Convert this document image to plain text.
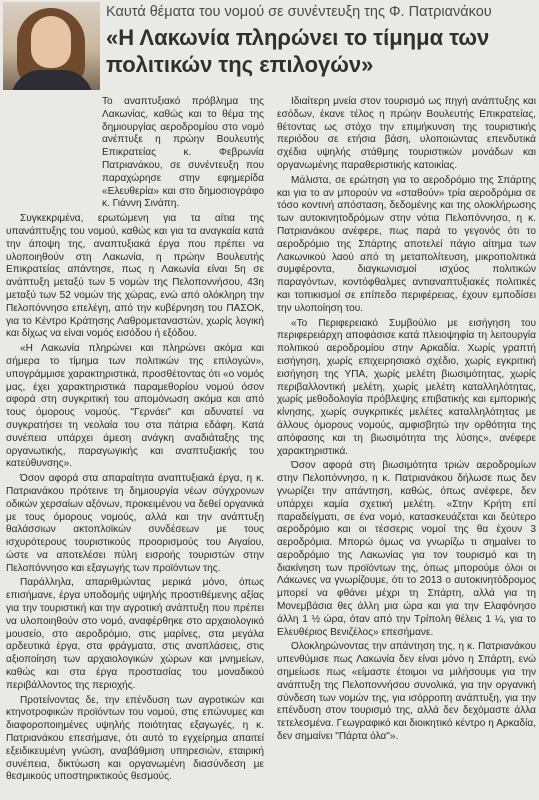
Καυτά θέματα του νομού σε συνέντευξη της Φ. Πατριανάκου
«Η Λακωνία πληρώνει το τίμημα των πολιτικών της επιλογών»

Το αναπτυξιακό πρόβλημα της Λακωνίας, καθώς και το θέμα της δημιουργίας αεροδρομίου στο νομό ανέπτυξε η πρώην Βουλευτής Επικρατείας κ. Φεβρωνία Πατριανάκου, σε συνέντευξη που παραχώρησε στην εφημερίδα «Ελευθερία» και στο δημοσιογράφο κ. Γιάννη Σινάπη.

Συγκεκριμένα, ερωτώμενη για τα αίτια της υπανάπτυξης του νομού, καθώς και για τα αναγκαία κατά την άποψη της, αναπτυξιακά έργα που πρέπει να υλοποιηθούν στη Λακωνία, η πρώην Βουλευτής Επικρατείας απάντησε, πως η Λακωνία είναι 5η σε ανάπτυξη μεταξύ των 5 νομών της Πελοποννήσου, 43η μεταξύ των 52 νομών της χώρας, ενώ από ολόκληρη την Πελοπόννησο επελέγη, από την κυβέρνηση του ΠΑΣΟΚ, για το Κέντρο Κράτησης Λαθρομεταναστών, χωρίς λογική και δίχως να είναι νομός εισόδου ή εξόδου.

«Η Λακωνία πληρώνει και πληρώνει ακόμα και σήμερα το τίμημα των πολιτικών της επιλογών», υπογράμμισε χαρακτηριστικά, προσθέτοντας ότι «ο νομός μας, έχει χαρακτηριστικά παραμεθορίου νομού όσον αφορά στη συγκριτική του απομόνωση ακόμα και από τους όμορους νομούς. "Γερνάει" και αδυνατεί να συγκρατήσει τη νεολαία του στα πάτρια εδάφη. Κατά συνέπεια υπάρχει άμεση ανάγκη αναδιάταξης της οργανωτικής, παραγωγικής και αναπτυξιακής του κατεύθυνσης».

Όσον αφορά στα απαραίτητα αναπτυξιακά έργα, η κ. Πατριανάκου πρότεινε τη δημιουργία νέων σύγχρονων οδικών χερσαίων αξόνων, προκειμένου να δεθεί οργανικά με τους όμορους νομούς, αλλά και την ανάπτυξη θαλάσσιων ακτοπλοϊκών συνδέσεων με τους ισχυρότερους τουριστικούς προορισμούς του Αιγαίου, ώστε να αποτελέσει πύλη εισροής τουριστών στην Πελοπόννησο και εξαγωγής των προϊόντων της.

Παράλληλα, απαριθμώντας μερικά μόνο, όπως επισήμανε, έργα υποδομής υψηλής προστιθέμενης αξίας για την τουριστική και την αγροτική ανάπτυξη που πρέπει να υλοποιηθούν στο νομό, αναφέρθηκε στο αρχαιολογικό μουσείο, στο αεροδρόμιο, στις μαρίνες, στα μεγάλα αρδευτικά έργα, στα φράγματα, στις αναπλάσεις, στις αξιοποίηση των αρχαιολογικών χώρων και μνημείων, καθώς και στα έργα προστασίας του μοναδικού περιβάλλοντος της περιοχής.

Προτείνοντας δε, την επένδυση των αγροτικών και κτηνοτροφικών προϊόντων του νομού, στις επώνυμες και διαφοροποιημένες υψηλής ποιότητας εξαγωγές, η κ. Πατριανάκου επεσήμανε, ότι αυτό το εγχείρημα απαιτεί εξειδικευμένη γνώση, αναβάθμιση υπηρεσιών, εταιρική συνέπεια, δικτύωση και οργανωμένη διασύνδεση με θεσμικούς υποστηρικτικούς θεσμούς.

Ιδιαίτερη μνεία στον τουρισμό ως πηγή ανάπτυξης και εσόδων, έκανε τέλος η πρώην Βουλευτής Επικρατείας, θέτοντας ως στόχο την επιμήκυνση της τουριστικής περιόδου σε ετήσια βάση, υλοποιώντας επενδυτικά σχέδια υψηλής στάθμης τουριστικών μονάδων και οργανωμένης παραθεριστικής κατοικίας.

Μάλιστα, σε ερώτηση για το αεροδρόμιο της Σπάρτης και για το αν μπορούν να «σταθούν» τρία αεροδρόμια σε τόσο κοντινή απόσταση, δεδομένης και της ολοκλήρωσης των αυτοκινητοδρόμων στην νότια Πελοπόννησο, η κ. Πατριανάκου ανέφερε, πως παρά το γεγονός ότι το αεροδρόμιο της Σπάρτης αποτελεί πάγιο αίτημα των Λακωνικού λαού από τη μεταπολίτευση, μικροπολιτικά συμφέροντα, διαγκωνισμοί ισχύος πολιτικών παραγόντων, κοντόφθαλμες αντιαναπτυξιακές πολιτικές και τοπικισμοί σε επίπεδο περιφέρειας, έχουν εμποδίσει την υλοποίηση του.

«Το Περιφερειακό Συμβούλιο με εισήγηση του περιφερειάρχη αποφάσισε κατά πλειοψηφία τη λειτουργία πολιτικού αεροδρομίου στην Αρκαδία. Χωρίς γραπτή εισήγηση, χωρίς επιχειρησιακό σχέδιο, χωρίς εγκριτική εισήγηση της ΥΠΑ, χωρίς μελέτη βιωσιμότητας, χωρίς περιβαλλοντική μελέτη, χωρίς μελέτη καταλληλότητας, χωρίς μεθοδολογία πρόβλεψης επιβατικής και εμπορικής κίνησης, χωρίς συγκριτικές μελέτες καταλληλότητας με άλλους όμορους νομούς, αμφισβητώ την ορθότητα της απόφασης και τη βιωσιμότητα της λύσης», ανέφερε χαρακτηριστικά.

Όσον αφορά στη βιωσιμότητα τριών αεροδρομίων στην Πελοπόννησο, η κ. Πατριανάκου δήλωσε πως δεν γνωρίζει την απάντηση, καθώς, όπως ανέφερε, δεν υπάρχει καμία σχετική μελέτη. «Στην Κρήτη επί παραδείγματι, σε ένα νομό, κατασκευάζεται και δεύτερο αεροδρόμιο και οι τέσσερις νομοί της θα έχουν 3 αεροδρόμια. Μπορώ όμως να γνωρίζω τι σημαίνει το αεροδρόμιο της Λακωνίας για τον τουρισμό και τη διακίνηση των προϊόντων της, όπως μπορούμε όλοι οι Λάκωνες να γνωρίζουμε, ότι το 2013 ο αυτοκινητόδρομος μπορεί να φθάνει μέχρι τη Σπάρτη, αλλά για τη Μονεμβάσια θες άλλη μια ώρα και για την Ελαφόνησο άλλη 1 ½ ώρα, όταν από την Τρίπολη θέλεις 1 ¼, για το Ελευθέριος Βενιζέλος» επεσήμανε.

Ολοκληρώνοντας την απάντηση της, η κ. Πατριανάκου υπενθύμισε πως Λακωνία δεν είναι μόνο η Σπάρτη, ενώ σημείωσε πως «είμαστε έτοιμοι να μιλήσουμε για την ανάπτυξη της Πελοποννήσου συνολικά, για την οργανική σύνδεση των νομών της, για ισόρροπη ανάπτυξη, για την επένδυση στον τουρισμό της, αλλά δεν δεχόμαστε άλλα τετελεσμένα. Γεωγραφικό και διοικητικό κέντρο η Αρκαδία, δεν σημαίνει "Πάρτα όλα"».
